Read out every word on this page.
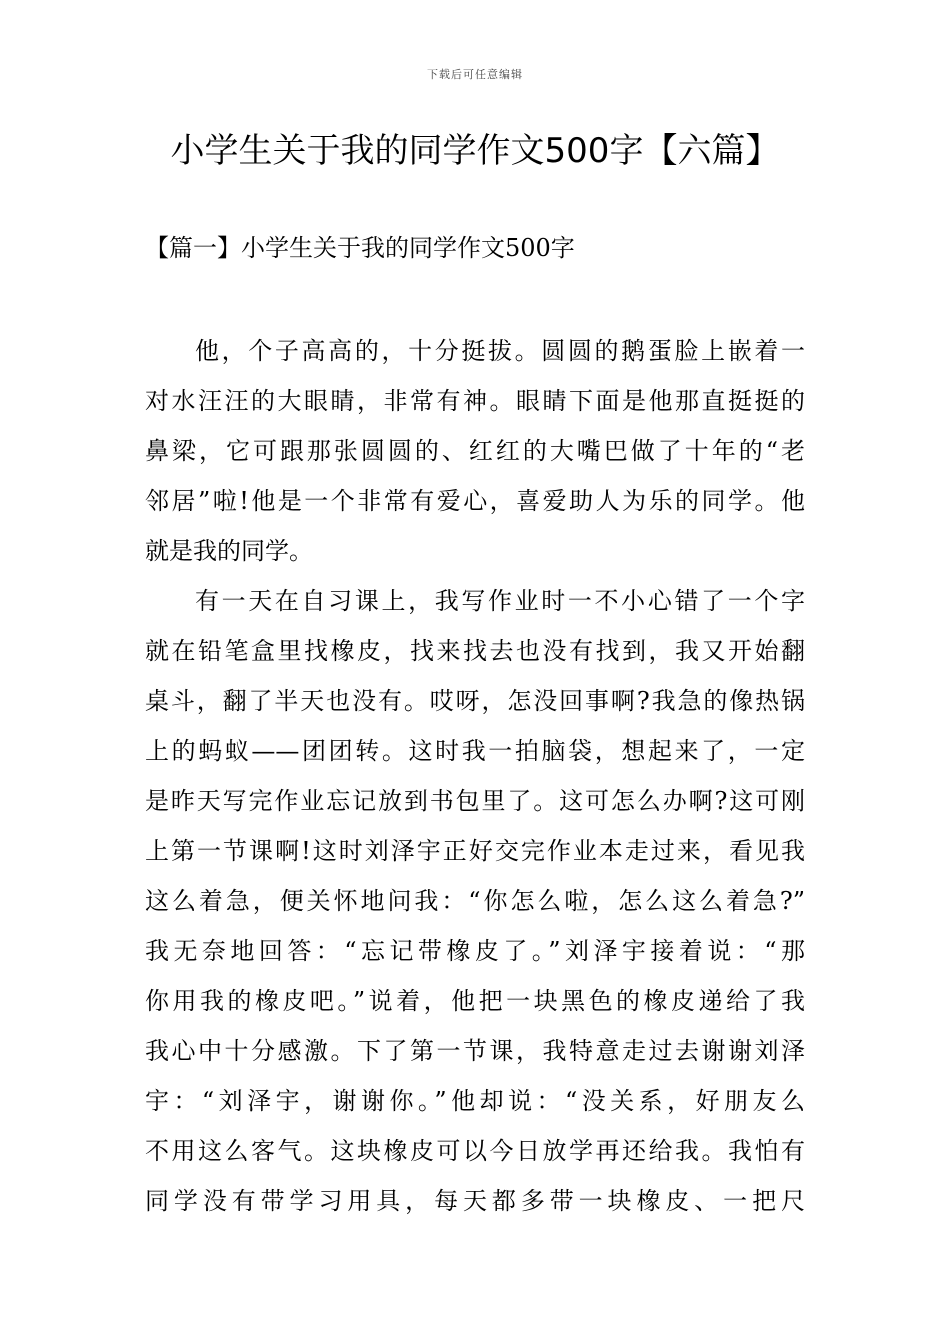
下载后可任意编辑
小学生关于我的同学作文500字【六篇】

【篇一】小学生关于我的同学作文500字

他，个子高高的，十分挺拔。圆圆的鹅蛋脸上嵌着一
对水汪汪的大眼睛，非常有神。眼睛下面是他那直挺挺的
鼻梁，它可跟那张圆圆的、红红的大嘴巴做了十年的“老
邻居”啦!他是一个非常有爱心，喜爱助人为乐的同学。他
就是我的同学。
有一天在自习课上，我写作业时一不小心错了一个字
就在铅笔盒里找橡皮，找来找去也没有找到，我又开始翻
桌斗，翻了半天也没有。哎呀，怎没回事啊?我急的像热锅
上的蚂蚁——团团转。这时我一拍脑袋，想起来了，一定
是昨天写完作业忘记放到书包里了。这可怎么办啊?这可刚
上第一节课啊!这时刘泽宇正好交完作业本走过来，看见我
这么着急，便关怀地问我：“你怎么啦，怎么这么着急?”
我无奈地回答：“忘记带橡皮了。”刘泽宇接着说：“那
你用我的橡皮吧。”说着，他把一块黑色的橡皮递给了我
我心中十分感激。下了第一节课，我特意走过去谢谢刘泽
宇：“刘泽宇，谢谢你。”他却说：“没关系，好朋友么
不用这么客气。这块橡皮可以今日放学再还给我。我怕有
同学没有带学习用具，每天都多带一块橡皮、一把尺
